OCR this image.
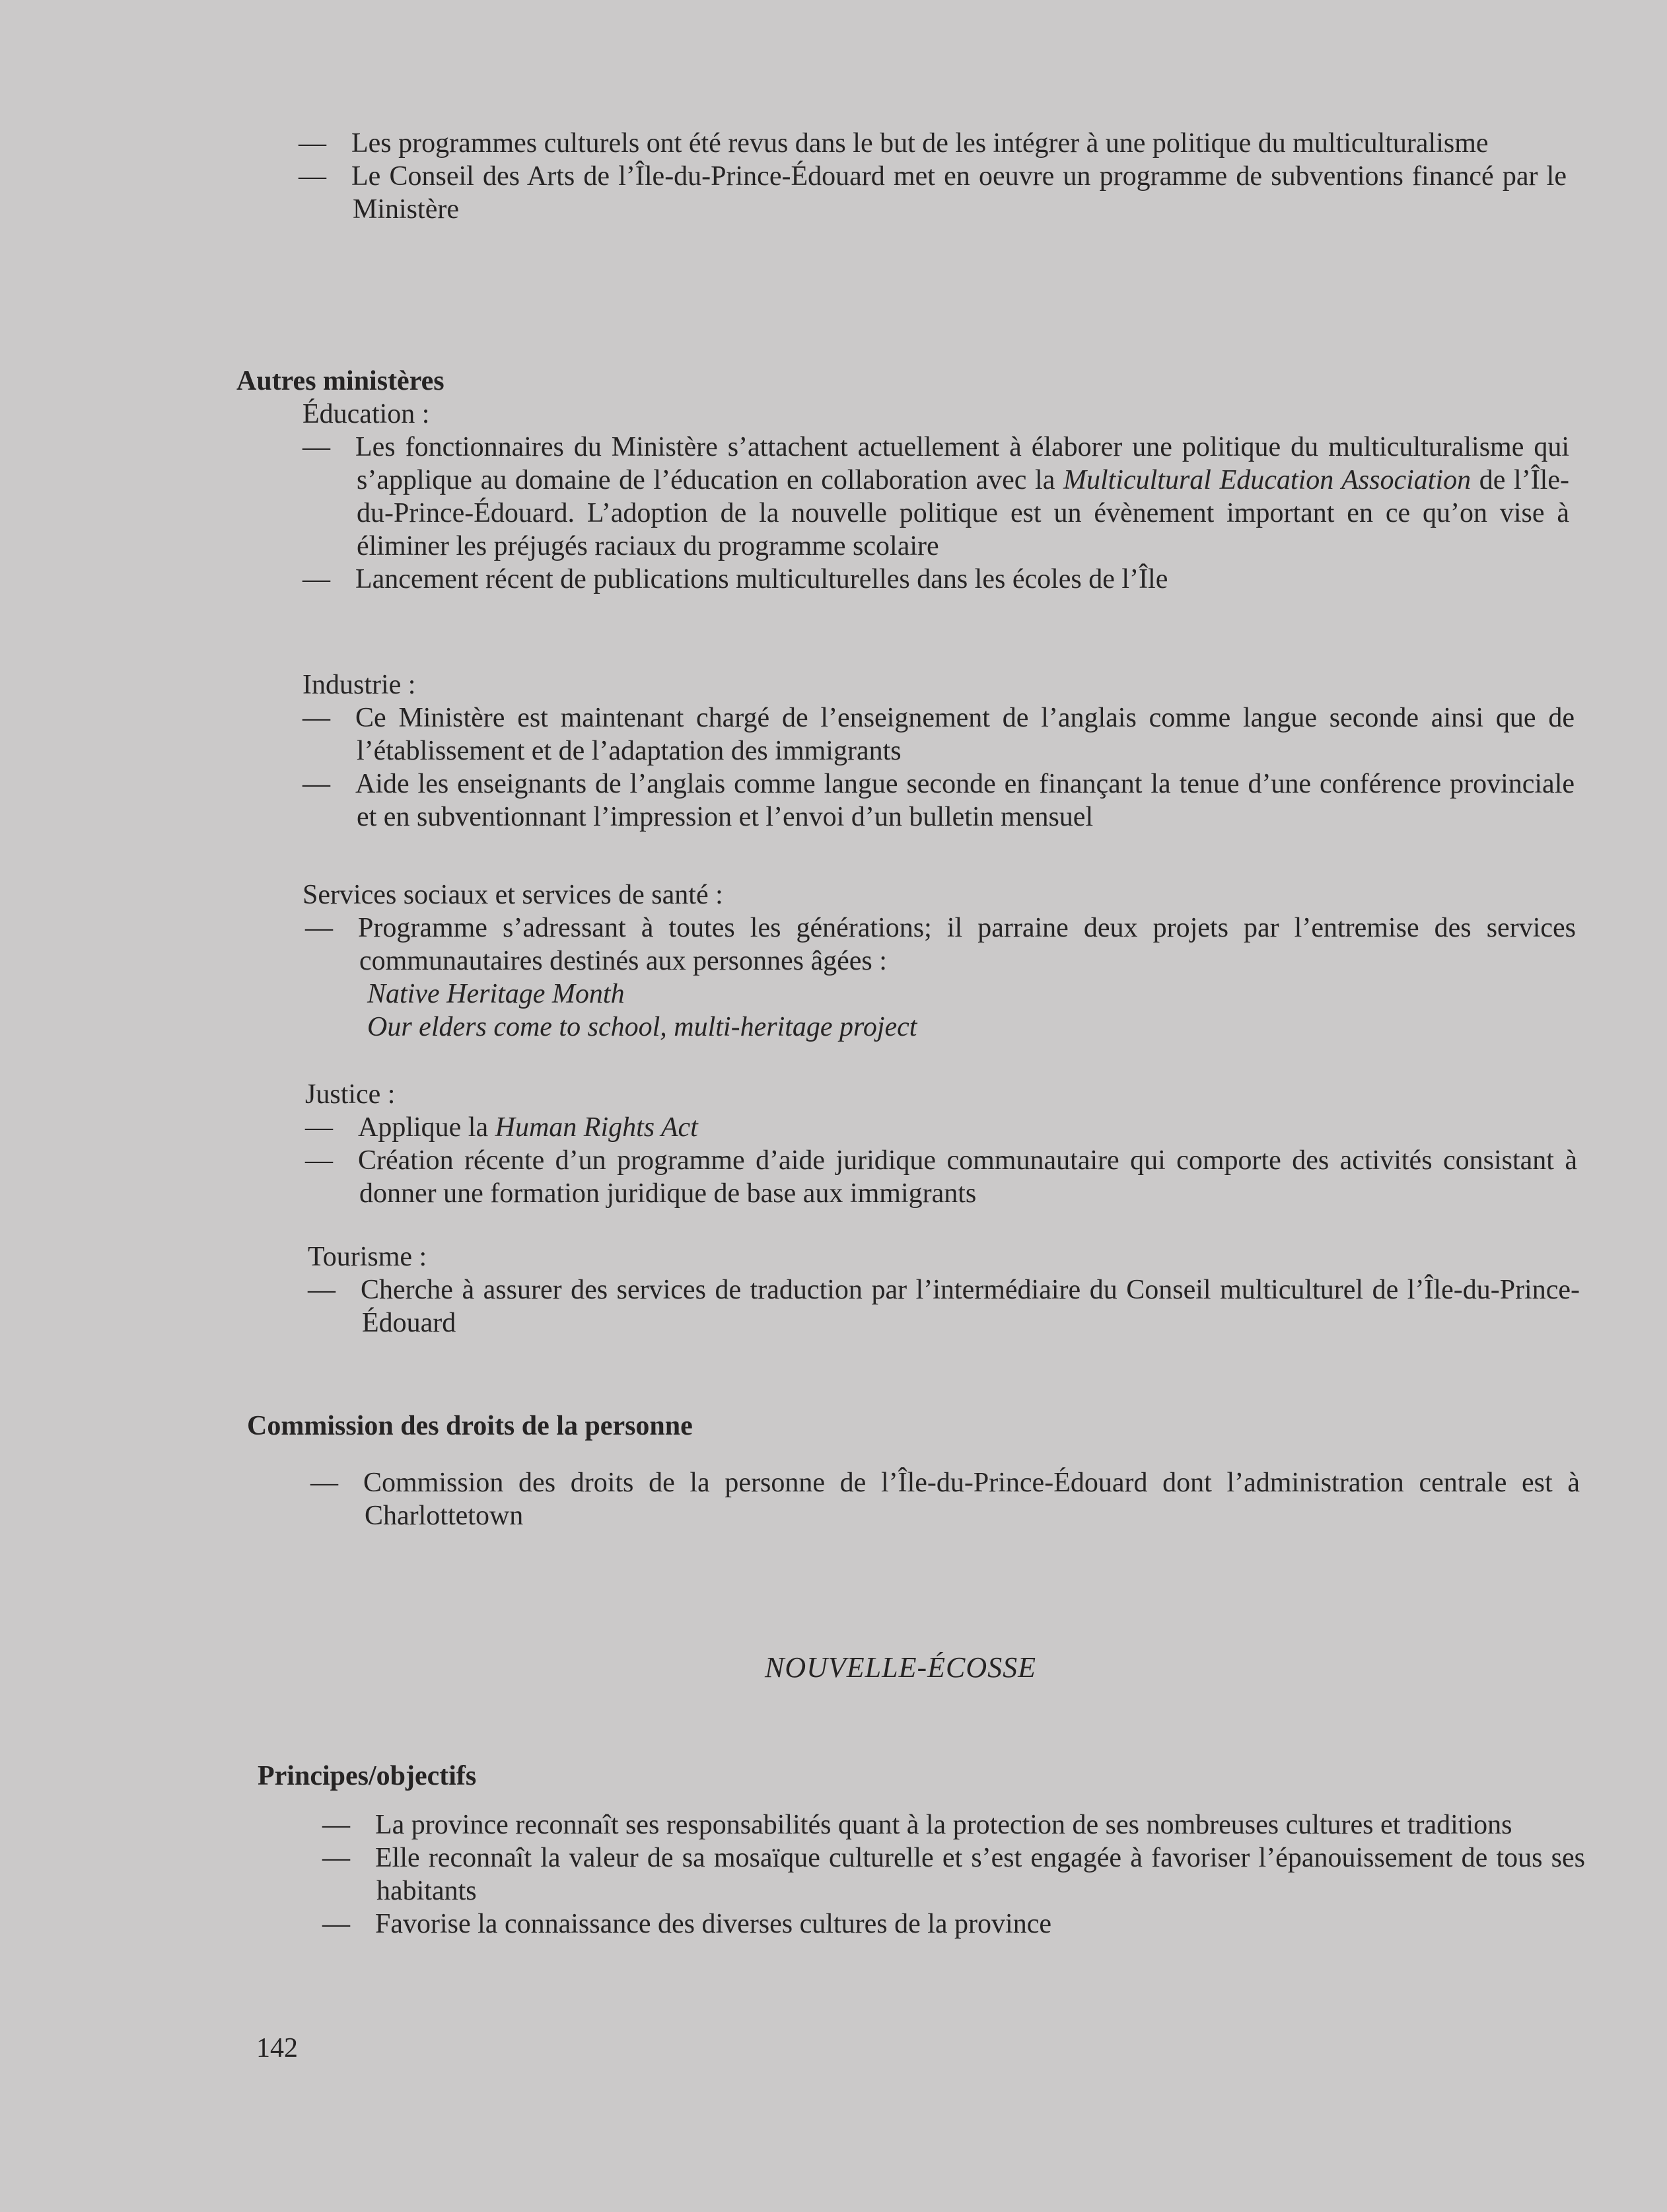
— Les programmes culturels ont été revus dans le but de les intégrer à une politique du multiculturalisme

— Le Conseil des Arts de l’Île-du-Prince-Édouard met en oeuvre un programme de subventions financé par le Ministère

Autres ministères
Éducation :

— Les fonctionnaires du Ministère s’attachent actuellement à élaborer une politique du multiculturalisme qui s’applique au domaine de l’éducation en collaboration avec la Multicultural Education Association de l’Île-du-Prince-Édouard. L’adoption de la nouvelle politique est un évènement important en ce qu’on vise à éliminer les préjugés raciaux du programme scolaire

— Lancement récent de publications multiculturelles dans les écoles de l’Île

Industrie :

— Ce Ministère est maintenant chargé de l’enseignement de l’anglais comme langue seconde ainsi que de l’établissement et de l’adaptation des immigrants

— Aide les enseignants de l’anglais comme langue seconde en finançant la tenue d’une conférence provinciale et en subventionnant l’impression et l’envoi d’un bulletin mensuel

Services sociaux et services de santé :

— Programme s’adressant à toutes les générations; il parraine deux projets par l’entremise des services communautaires destinés aux personnes âgées :

Native Heritage Month
Our elders come to school, multi-heritage project
Justice :

— Applique la Human Rights Act

— Création récente d’un programme d’aide juridique communautaire qui comporte des activités consistant à donner une formation juridique de base aux immigrants

Tourisme :

— Cherche à assurer des services de traduction par l’intermédiaire du Conseil multiculturel de l’Île-du-Prince-Édouard

Commission des droits de la personne

— Commission des droits de la personne de l’Île-du-Prince-Édouard dont l’administration centrale est à Charlottetown

NOUVELLE-ÉCOSSE
Principes/objectifs

— La province reconnaît ses responsabilités quant à la protection de ses nombreuses cultures et traditions

— Elle reconnaît la valeur de sa mosaïque culturelle et s’est engagée à favoriser l’épanouissement de tous ses habitants

— Favorise la connaissance des diverses cultures de la province

142
